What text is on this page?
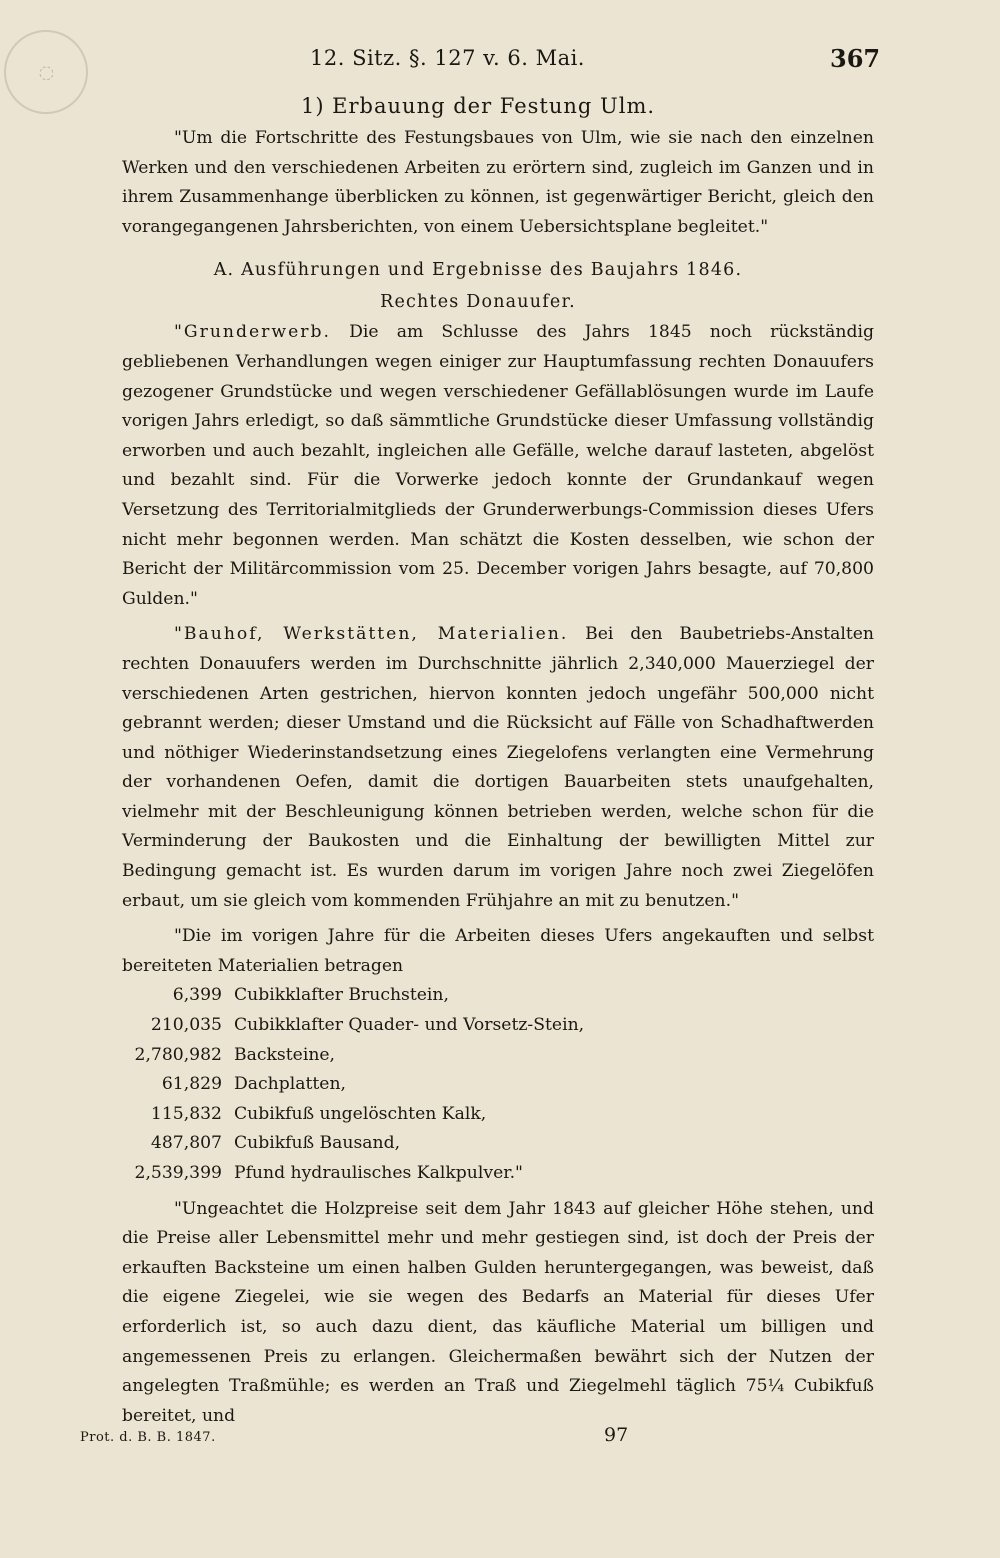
◌
12. Sitz. §. 127 v. 6. Mai.	367
1) Erbauung der Festung Ulm.

"Um die Fortschritte des Festungsbaues von Ulm, wie sie nach den einzelnen Werken und den verschiedenen Arbeiten zu erörtern sind, zugleich im Ganzen und in ihrem Zusammenhange überblicken zu können, ist gegenwärtiger Bericht, gleich den vorangegangenen Jahrsberichten, von einem Uebersichtsplane begleitet."

A. Ausführungen und Ergebnisse des Baujahrs 1846.
Rechtes Donauufer.

"Grunderwerb. Die am Schlusse des Jahrs 1845 noch rückständig gebliebenen Verhandlungen wegen einiger zur Hauptumfassung rechten Donauufers gezogener Grundstücke und wegen verschiedener Gefällablösungen wurde im Laufe vorigen Jahrs erledigt, so daß sämmtliche Grundstücke dieser Umfassung vollständig erworben und auch bezahlt, ingleichen alle Gefälle, welche darauf lasteten, abgelöst und bezahlt sind. Für die Vorwerke jedoch konnte der Grundankauf wegen Versetzung des Territorialmitglieds der Grunderwerbungs-Commission dieses Ufers nicht mehr begonnen werden. Man schätzt die Kosten desselben, wie schon der Bericht der Militärcommission vom 25. December vorigen Jahrs besagte, auf 70,800 Gulden."

"Bauhof, Werkstätten, Materialien. Bei den Baubetriebs-Anstalten rechten Donauufers werden im Durchschnitte jährlich 2,340,000 Mauerziegel der verschiedenen Arten gestrichen, hiervon konnten jedoch ungefähr 500,000 nicht gebrannt werden; dieser Umstand und die Rücksicht auf Fälle von Schadhaftwerden und nöthiger Wiederinstandsetzung eines Ziegelofens verlangten eine Vermehrung der vorhandenen Oefen, damit die dortigen Bauarbeiten stets unaufgehalten, vielmehr mit der Beschleunigung können betrieben werden, welche schon für die Verminderung der Baukosten und die Einhaltung der bewilligten Mittel zur Bedingung gemacht ist. Es wurden darum im vorigen Jahre noch zwei Ziegelöfen erbaut, um sie gleich vom kommenden Frühjahre an mit zu benutzen."

"Die im vorigen Jahre für die Arbeiten dieses Ufers angekauften und selbst bereiteten Materialien betragen

6,399 Cubikklafter Bruchstein,
210,035 Cubikklafter Quader- und Vorsetz-Stein,
2,780,982 Backsteine,
61,829 Dachplatten,
115,832 Cubikfuß ungelöschten Kalk,
487,807 Cubikfuß Bausand,
2,539,399 Pfund hydraulisches Kalkpulver."

"Ungeachtet die Holzpreise seit dem Jahr 1843 auf gleicher Höhe stehen, und die Preise aller Lebensmittel mehr und mehr gestiegen sind, ist doch der Preis der erkauften Backsteine um einen halben Gulden heruntergegangen, was beweist, daß die eigene Ziegelei, wie sie wegen des Bedarfs an Material für dieses Ufer erforderlich ist, so auch dazu dient, das käufliche Material um billigen und angemessenen Preis zu erlangen. Gleichermaßen bewährt sich der Nutzen der angelegten Traßmühle; es werden an Traß und Ziegelmehl täglich 75¼ Cubikfuß bereitet, und

Prot. d. B. B. 1847.	97
